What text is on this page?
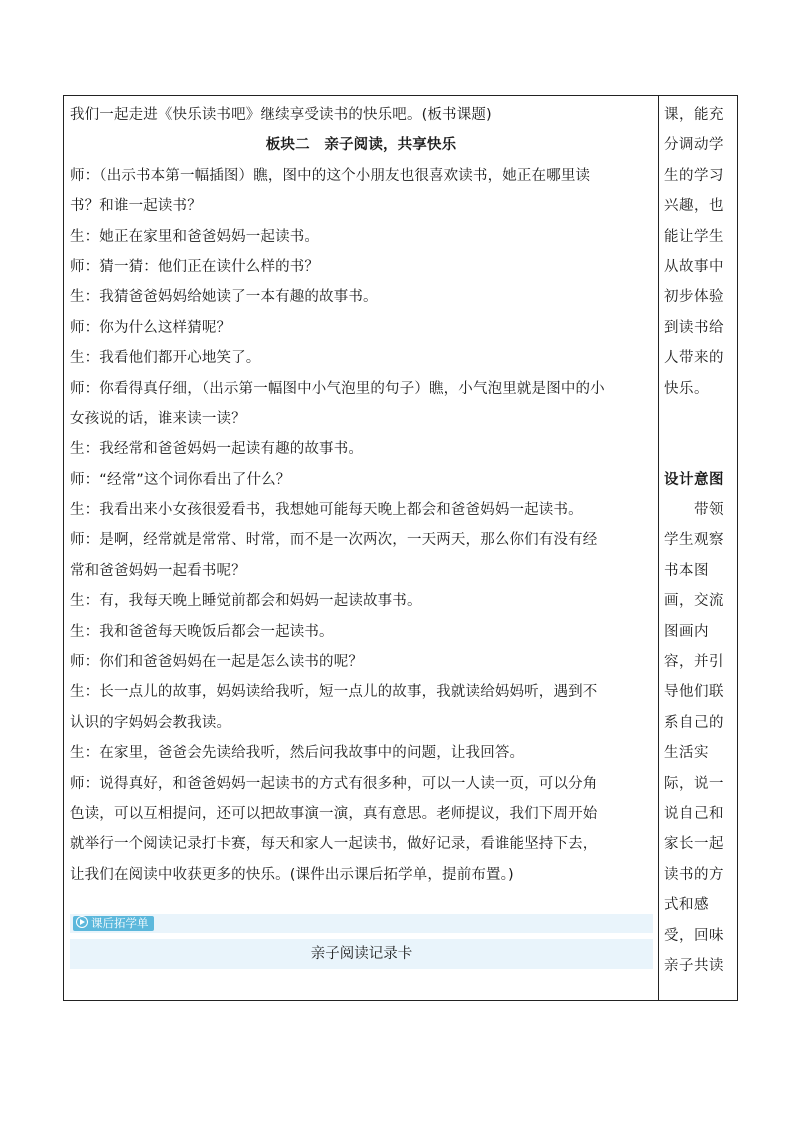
我们一起走进《快乐读书吧》继续享受读书的快乐吧。(板书课题)
板块二　亲子阅读，共享快乐
师：（出示书本第一幅插图）瞧，图中的这个小朋友也很喜欢读书，她正在哪里读
书？和谁一起读书？
生：她正在家里和爸爸妈妈一起读书。
师：猜一猜：他们正在读什么样的书？
生：我猜爸爸妈妈给她读了一本有趣的故事书。
师：你为什么这样猜呢？
生：我看他们都开心地笑了。
师：你看得真仔细，（出示第一幅图中小气泡里的句子）瞧，小气泡里就是图中的小
女孩说的话，谁来读一读？
生：我经常和爸爸妈妈一起读有趣的故事书。
师：“经常”这个词你看出了什么？
生：我看出来小女孩很爱看书，我想她可能每天晚上都会和爸爸妈妈一起读书。
师：是啊，经常就是常常、时常，而不是一次两次，一天两天，那么你们有没有经
常和爸爸妈妈一起看书呢？
生：有，我每天晚上睡觉前都会和妈妈一起读故事书。
生：我和爸爸每天晚饭后都会一起读书。
师：你们和爸爸妈妈在一起是怎么读书的呢？
生：长一点儿的故事，妈妈读给我听，短一点儿的故事，我就读给妈妈听，遇到不
认识的字妈妈会教我读。
生：在家里，爸爸会先读给我听，然后问我故事中的问题，让我回答。
师：说得真好，和爸爸妈妈一起读书的方式有很多种，可以一人读一页，可以分角
色读，可以互相提问，还可以把故事演一演，真有意思。老师提议，我们下周开始
就举行一个阅读记录打卡赛，每天和家人一起读书，做好记录，看谁能坚持下去，
让我们在阅读中收获更多的快乐。(课件出示课后拓学单，提前布置。)
课后拓学单
亲子阅读记录卡
课，能充
分调动学
生的学习
兴趣，也
能让学生
从故事中
初步体验
到读书给
人带来的
快乐。
设计意图
带领
学生观察
书本图
画，交流
图画内
容，并引
导他们联
系自己的
生活实
际，说一
说自己和
家长一起
读书的方
式和感
受，回味
亲子共读
